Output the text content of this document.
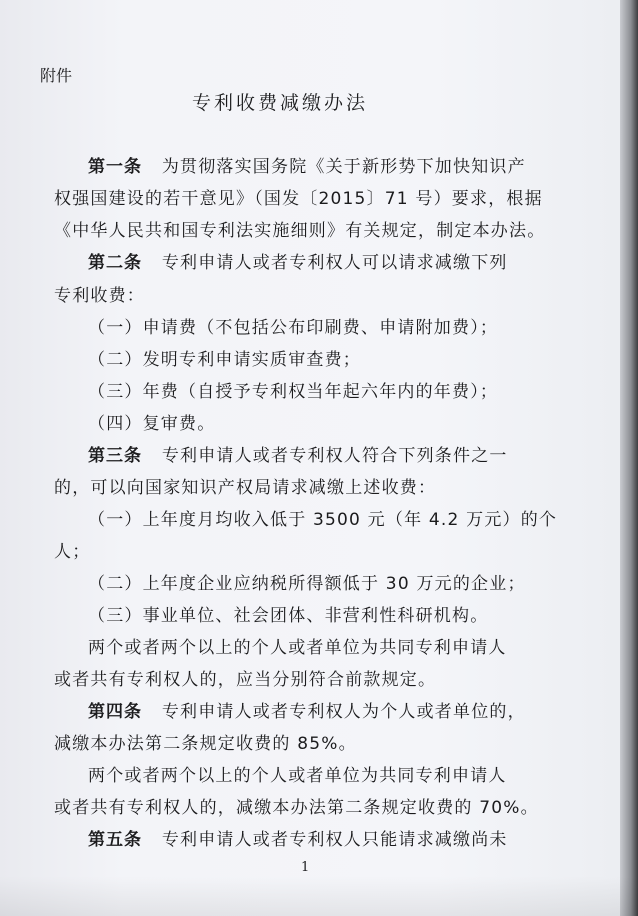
附件
专利收费减缴办法
第一条 为贯彻落实国务院《关于新形势下加快知识产
权强国建设的若干意见》（国发〔2015〕71 号）要求，根据
《中华人民共和国专利法实施细则》有关规定，制定本办法。
第二条 专利申请人或者专利权人可以请求减缴下列
专利收费：
（一）申请费（不包括公布印刷费、申请附加费）；
（二）发明专利申请实质审查费；
（三）年费（自授予专利权当年起六年内的年费）；
（四）复审费。
第三条 专利申请人或者专利权人符合下列条件之一
的，可以向国家知识产权局请求减缴上述收费：
（一）上年度月均收入低于 3500 元（年 4.2 万元）的个
人；
（二）上年度企业应纳税所得额低于 30 万元的企业；
（三）事业单位、社会团体、非营利性科研机构。
两个或者两个以上的个人或者单位为共同专利申请人
或者共有专利权人的，应当分别符合前款规定。
第四条 专利申请人或者专利权人为个人或者单位的，
减缴本办法第二条规定收费的 85%。
两个或者两个以上的个人或者单位为共同专利申请人
或者共有专利权人的，减缴本办法第二条规定收费的 70%。
第五条 专利申请人或者专利权人只能请求减缴尚未
1
